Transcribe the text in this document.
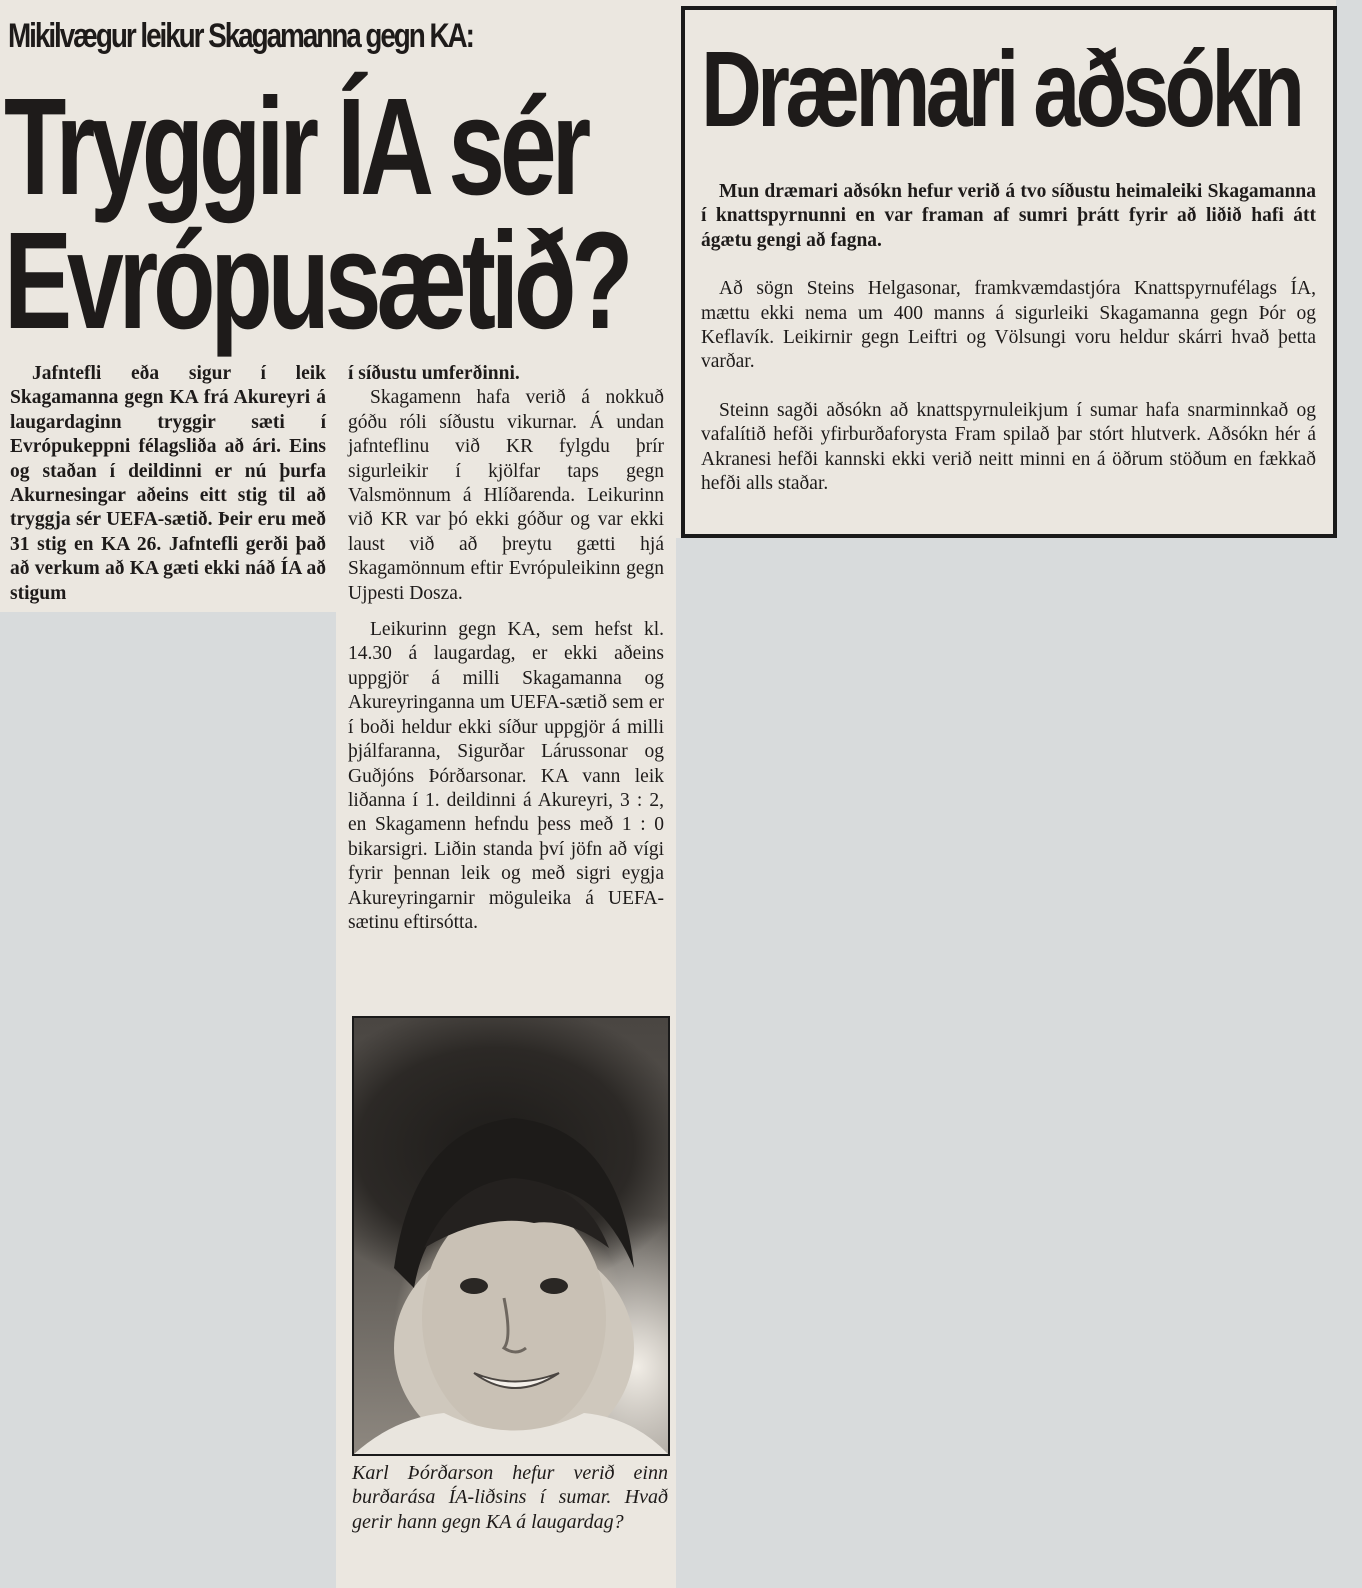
Mikilvægur leikur Skagamanna gegn KA:
Tryggir ÍA sér
Evrópusætið?

Jafntefli eða sigur í leik Skagamanna gegn KA frá Akureyri á laugardaginn tryggir sæti í Evrópukeppni félagsliða að ári. Eins og staðan í deildinni er nú þurfa Akurnesingar aðeins eitt stig til að tryggja sér UEFA-sætið. Þeir eru með 31 stig en KA 26. Jafntefli gerði það að verkum að KA gæti ekki náð ÍA að stigum

í síðustu umferðinni.

Skagamenn hafa verið á nokkuð góðu róli síðustu vikurnar. Á undan jafnteflinu við KR fylgdu þrír sigurleikir í kjölfar taps gegn Valsmönnum á Hlíðarenda. Leikurinn við KR var þó ekki góður og var ekki laust við að þreytu gætti hjá Skagamönnum eftir Evrópuleikinn gegn Ujpesti Dosza.

Leikurinn gegn KA, sem hefst kl. 14.30 á laugardag, er ekki aðeins uppgjör á milli Skagamanna og Akureyringanna um UEFA-sætið sem er í boði heldur ekki síður uppgjör á milli þjálfaranna, Sigurðar Lárussonar og Guðjóns Þórðarsonar. KA vann leik liðanna í 1. deildinni á Akureyri, 3 : 2, en Skagamenn hefndu þess með 1 : 0 bikarsigri. Liðin standa því jöfn að vígi fyrir þennan leik og með sigri eygja Akureyringarnir möguleika á UEFA-sætinu eftirsótta.

Karl Þórðarson hefur verið einn burðarása ÍA-liðsins í sumar. Hvað gerir hann gegn KA á laugardag?
Dræmari aðsókn

Mun dræmari aðsókn hefur verið á tvo síðustu heimaleiki Skagamanna í knattspyrnunni en var framan af sumri þrátt fyrir að liðið hafi átt ágætu gengi að fagna.

Að sögn Steins Helgasonar, framkvæmdastjóra Knattspyrnufélags ÍA, mættu ekki nema um 400 manns á sigurleiki Skagamanna gegn Þór og Keflavík. Leikirnir gegn Leiftri og Völsungi voru heldur skárri hvað þetta varðar.

Steinn sagði aðsókn að knattspyrnuleikjum í sumar hafa snarminnkað og vafalítið hefði yfirburðaforysta Fram spilað þar stórt hlutverk. Aðsókn hér á Akranesi hefði kannski ekki verið neitt minni en á öðrum stöðum en fækkað hefði alls staðar.
